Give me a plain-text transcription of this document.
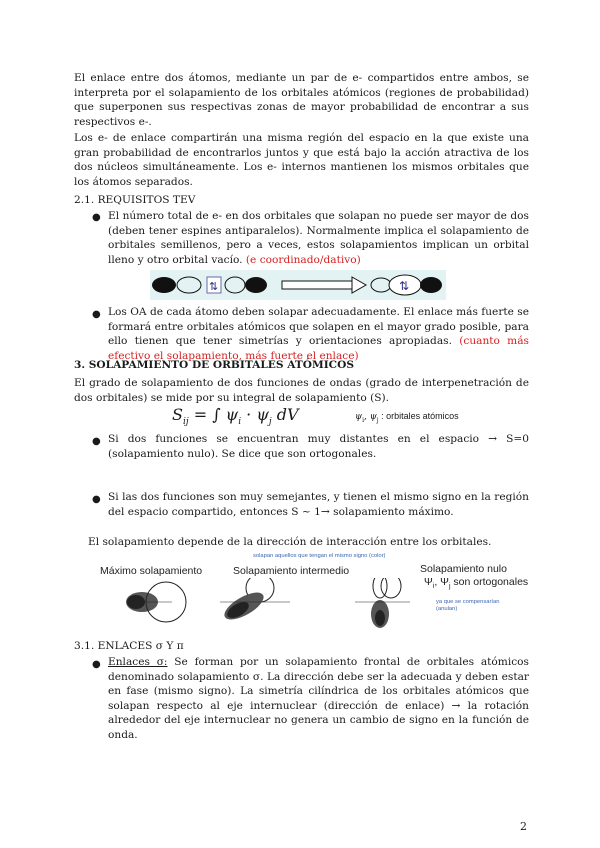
El enlace entre dos átomos, mediante un par de e- compartidos entre ambos, se interpreta por el solapamiento de los orbitales atómicos (regiones de probabilidad) que superponen sus respectivas zonas de mayor probabilidad de encontrar a sus respectivos e-.

Los e- de enlace compartirán una misma región del espacio en la que existe una gran probabilidad de encontrarlos juntos y que está bajo la acción atractiva de los dos núcleos simultáneamente. Los e- internos mantienen los mismos orbitales que los átomos separados.

2.1. REQUISITOS TEV

● El número total de e- en dos orbitales que solapan no puede ser mayor de dos (deben tener espines antiparalelos). Normalmente implica el solapamiento de orbitales semillenos, pero a veces, estos solapamientos implican un orbital lleno y otro orbital vacío. (e coordinado/dativo)

⇅	⇅
● Los OA de cada átomo deben solapar adecuadamente. El enlace más fuerte se formará entre orbitales atómicos que solapen en el mayor grado posible, para ello tienen que tener simetrías y orientaciones apropiadas. (cuanto más efectivo el solapamiento, más fuerte el enlace)

3. SOLAPAMIENTO DE ORBITALES ATÓMICOS

El grado de solapamiento de dos funciones de ondas (grado de interpenetración de dos orbitales) se mide por su integral de solapamiento (S).

$S_{ij}$ = ∫ $\psi_i \cdot \psi_j$ dV	$\psi_i$, $\psi_j$ : orbitales atómicos
● Si dos funciones se encuentran muy distantes en el espacio → S=0 (solapamiento nulo). Se dice que son ortogonales.

● Si las dos funciones son muy semejantes, y tienen el mismo signo en la región del espacio compartido, entonces S ~ 1→ solapamiento máximo.

El solapamiento depende de la dirección de interacción entre los orbitales.

solapan aquellos que tengan el mismo signo (color)
Máximo solapamiento	Solapamiento intermedio	Solapamiento nulo
$\Psi_i$, $\Psi_j$ son ortogonales
ya que se compensarían
(anulan)

3.1. ENLACES σ Y π

● Enlaces σ: Se forman por un solapamiento frontal de orbitales atómicos denominado solapamiento σ. La dirección debe ser la adecuada y deben estar en fase (mismo signo). La simetría cilíndrica de los orbitales atómicos que solapan respecto al eje internuclear (dirección de enlace) → la rotación alrededor del eje internuclear no genera un cambio de signo en la función de onda.

2
